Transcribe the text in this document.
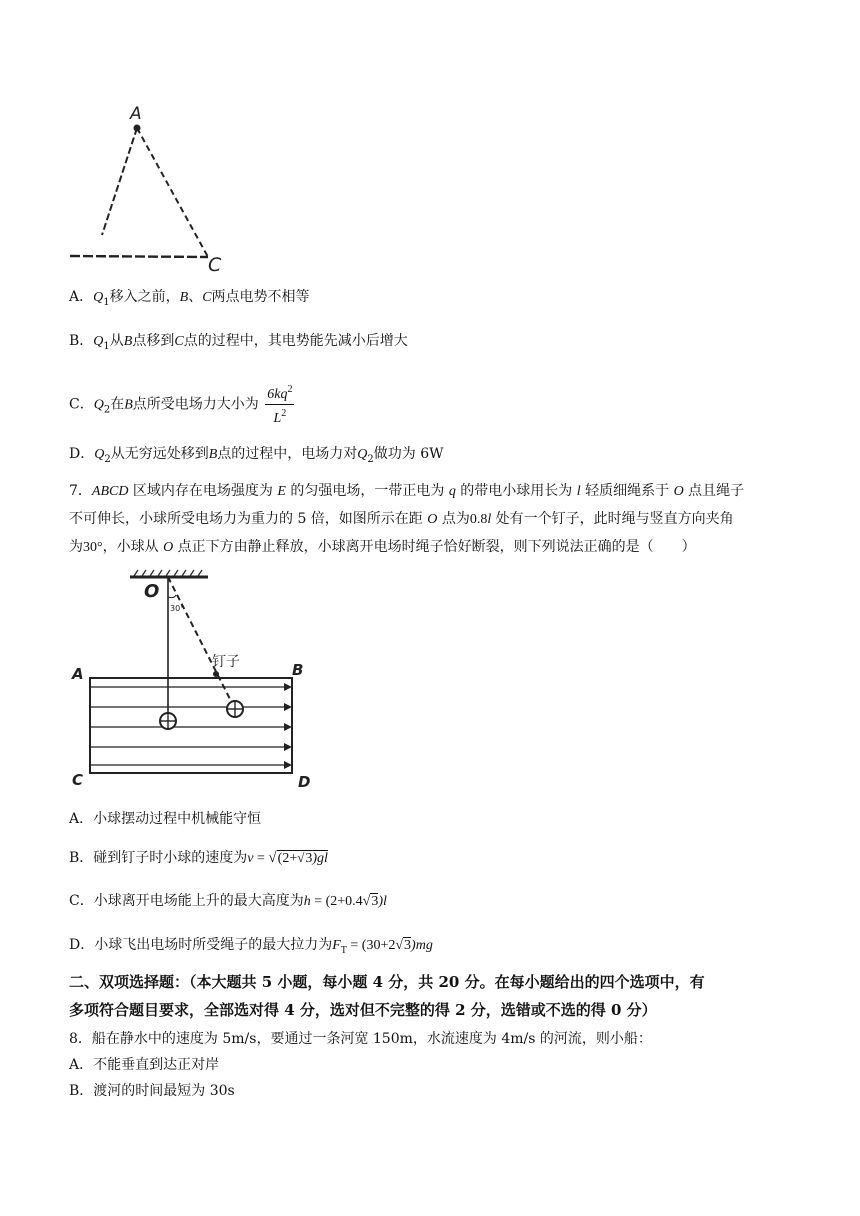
A
C
A．$Q_1$移入之前，B、C两点电势不相等
B．$Q_1$从B点移到C点的过程中，其电势能先减小后增大
C．$Q_2$在B点所受电场力大小为 $\frac{6kq^2}{L^2}$
D．$Q_2$从无穷远处移到B点的过程中，电场力对$Q_2$做功为 6W
7．ABCD 区域内存在电场强度为 E 的匀强电场，一带正电为 q 的带电小球用长为 l 轻质细绳系于 O 点且绳子
不可伸长，小球所受电场力为重力的 5 倍，如图所示在距 O 点为0.8l 处有一个钉子，此时绳与竖直方向夹角
为30°，小球从 O 点正下方由静止释放，小球离开电场时绳子恰好断裂，则下列说法正确的是（　　）
O
30°
钉子
A	B
C	D
A．小球摆动过程中机械能守恒
B．碰到钉子时小球的速度为v = √(2+√3)gl
C．小球离开电场能上升的最大高度为h = (2+0.4√3)l
D．小球飞出电场时所受绳子的最大拉力为$F_T = (30+2√3)mg$
二、双项选择题：（本大题共 5 小题，每小题 4 分，共 20 分。在每小题给出的四个选项中，有
多项符合题目要求，全部选对得 4 分，选对但不完整的得 2 分，选错或不选的得 0 分）
8．船在静水中的速度为 5m/s，要通过一条河宽 150m，水流速度为 4m/s 的河流，则小船：
A．不能垂直到达正对岸
B．渡河的时间最短为 30s
